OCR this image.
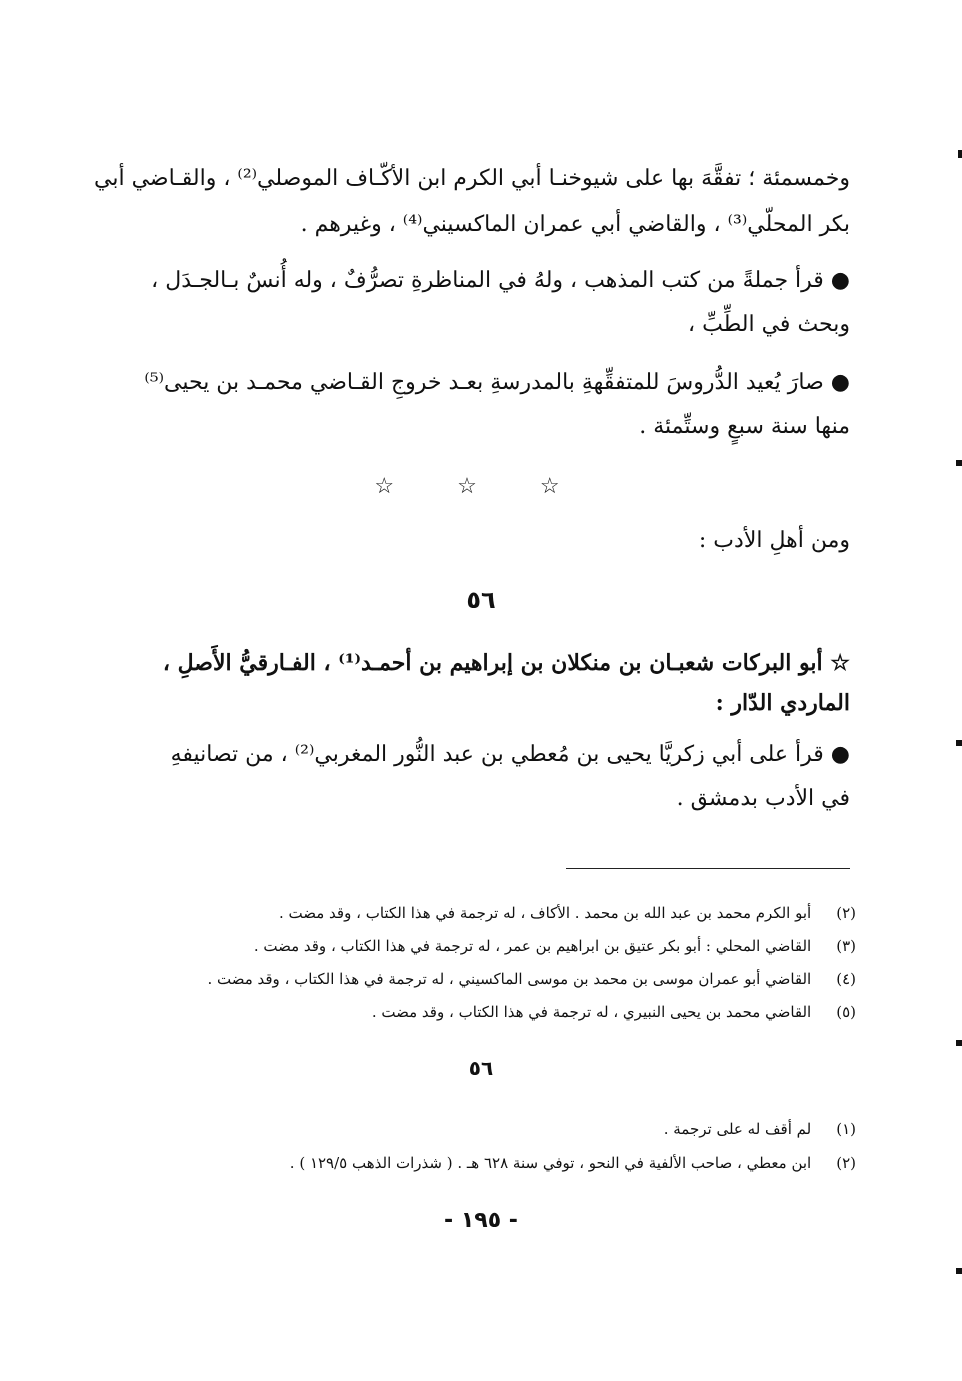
وخمسمئة ؛ تفقَّهَ بها على شيوخنـا أبي الكرم ابن الأكّـاف الموصلي⁽²⁾ ، والقـاضي أبي
بكر المحلّي⁽³⁾ ، والقاضي أبي عمران الماكسيني⁽⁴⁾ ، وغيرهم .
● قرأ جملةً من كتب المذهب ، ولهُ في المناظرةِ تصرُّفٌ ، وله أُنسٌ بـالجـدَل ،
وبحث في الطِّبِّ ،
● صارَ يُعيد الدُّروسَ للمتفقِّهةِ بالمدرسةِ بعـد خروجِ القـاضي محمـد بن يحيى⁽⁵⁾
منها سنة سبعٍ وستِّمئة .
☆ ☆ ☆
ومن أهلِ الأدب :
٥٦
☆ أبو البركات شعبـان بن منكلان بن إبراهيم بن أحمـد⁽¹⁾ ، الفـارقيُّ الأَصلِ ،
الماردي الدّار :
● قرأ على أبي زكريَّا يحيى بن مُعطي بن عبد النُّور المغربي⁽²⁾ ، من تصانيفهِ
في الأدب بدمشق .
(٢) أبو الكرم محمد بن عبد الله بن محمد . الأكاف ، له ترجمة في هذا الكتاب ، وقد مضت .
(٣) القاضي المحلي : أبو بكر عتيق بن ابراهيم بن عمر ، له ترجمة في هذا الكتاب ، وقد مضت .
(٤) القاضي أبو عمران موسى بن محمد بن موسى الماكسيني ، له ترجمة في هذا الكتاب ، وقد مضت .
(٥) القاضي محمد بن يحيى النبيري ، له ترجمة في هذا الكتاب ، وقد مضت .
٥٦
(١) لم أقف له على ترجمة .
(٢) ابن معطي ، صاحب الألفية في النحو ، توفي سنة ٦٢٨ هـ . ( شذرات الذهب ١٢٩/٥ ) .
- ١٩٥ -
